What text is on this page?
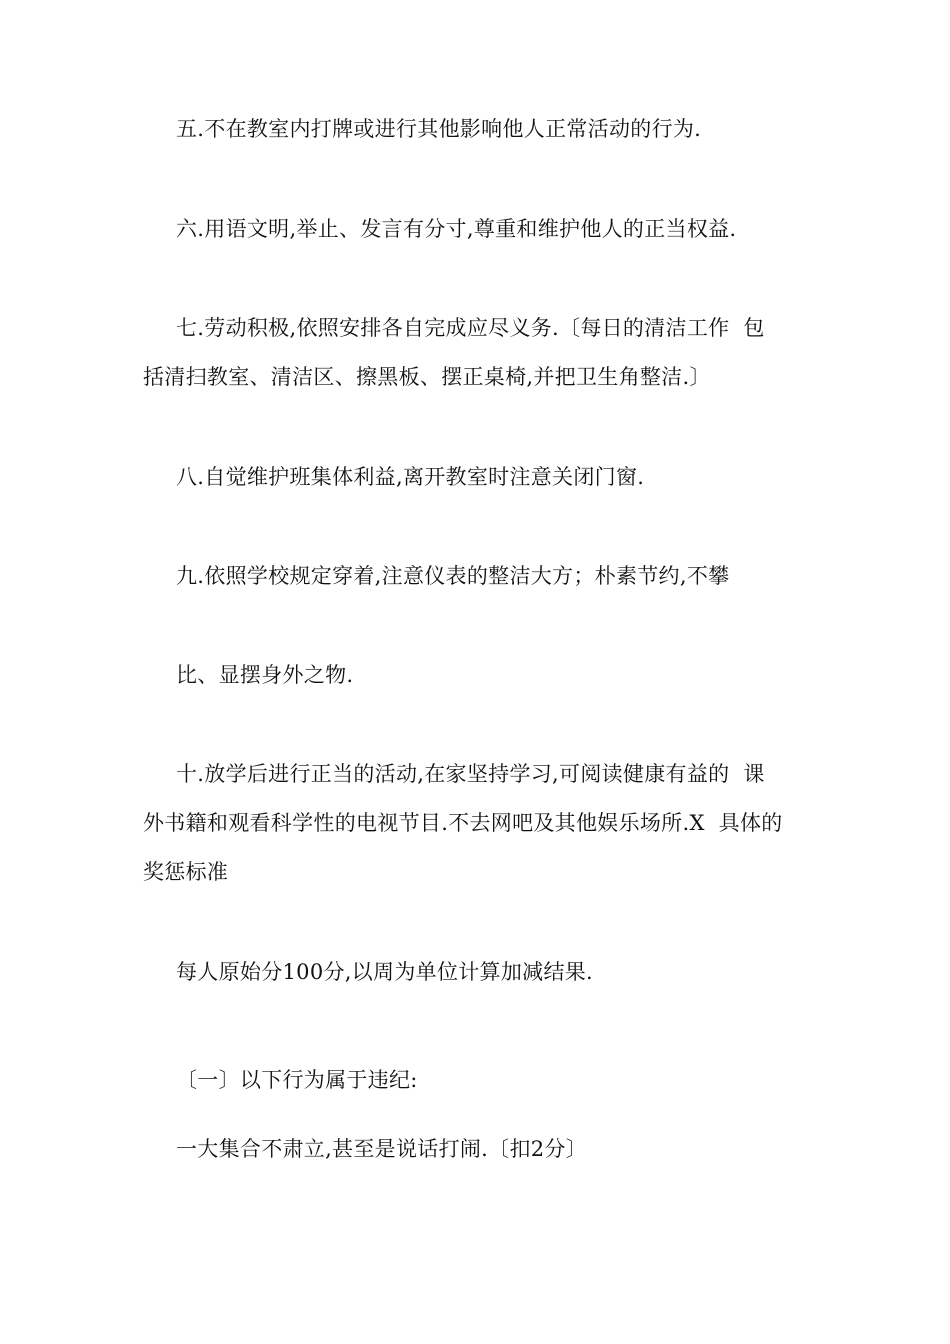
五.不在教室内打牌或进行其他影响他人正常活动的行为.
六.用语文明,举止、发言有分寸,尊重和维护他人的正当权益.
七.劳动积极,依照安排各自完成应尽义务.〔每日的清洁工作  包
括清扫教室、清洁区、擦黑板、摆正桌椅,并把卫生角整洁.〕
八.自觉维护班集体利益,离开教室时注意关闭门窗.
九.依照学校规定穿着,注意仪表的整洁大方；朴素节约,不攀
比、显摆身外之物.
十.放学后进行正当的活动,在家坚持学习,可阅读健康有益的  课
外书籍和观看科学性的电视节目.不去网吧及其他娱乐场所.X  具体的
奖惩标准
每人原始分100分,以周为单位计算加减结果.
〔一〕以下行为属于违纪:
一大集合不肃立,甚至是说话打闹.〔扣2分〕
